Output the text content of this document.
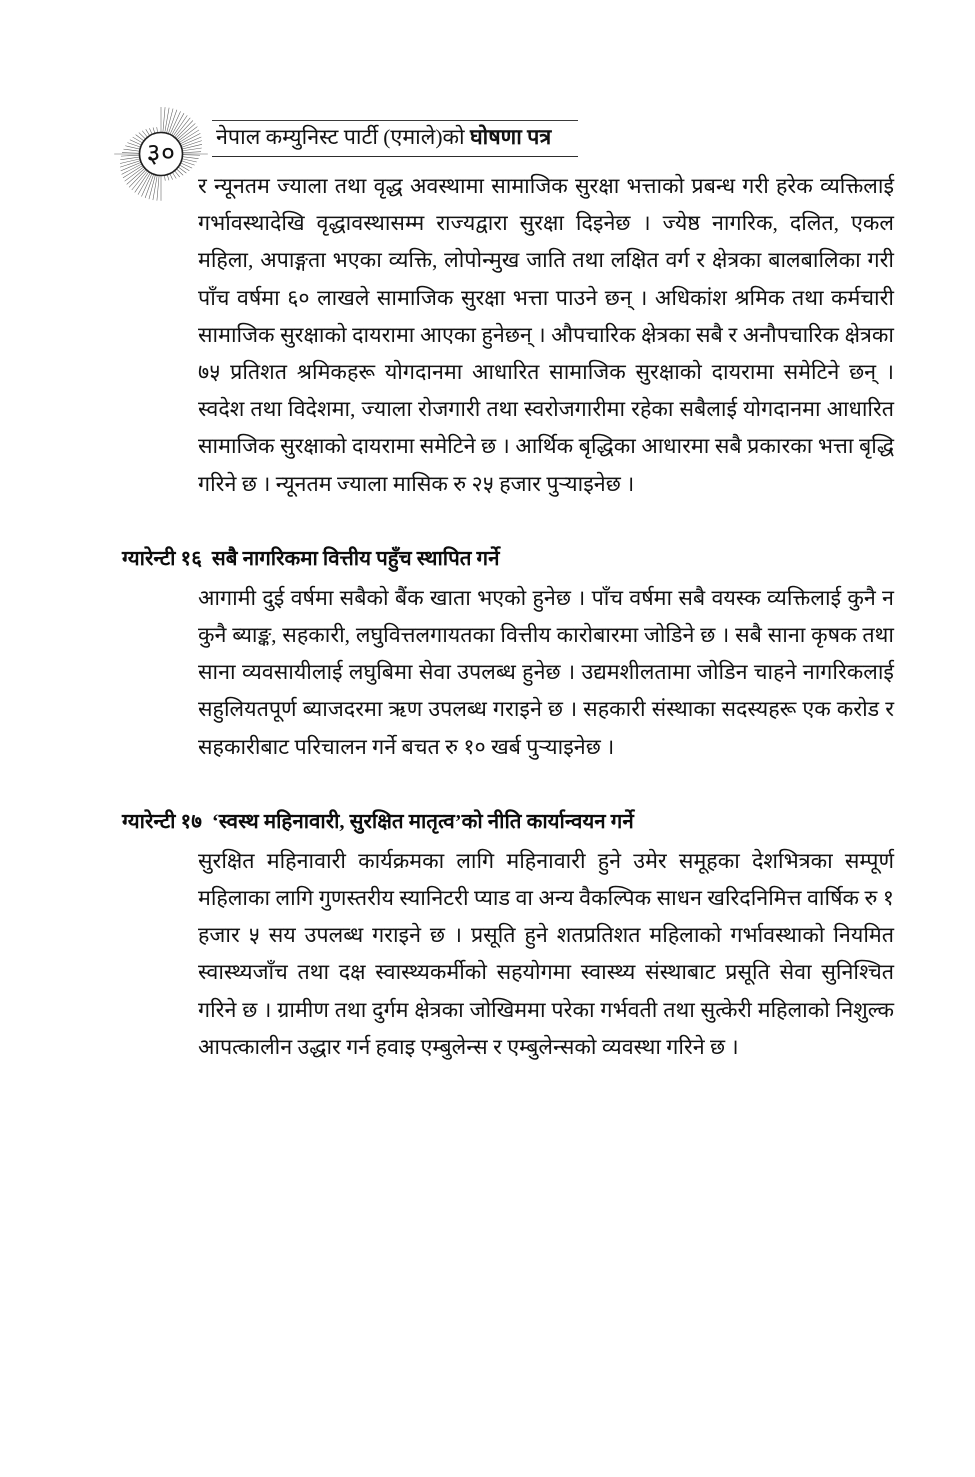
३०
नेपाल कम्युनिस्ट पार्टी (एमाले)को घोषणा पत्र

र न्यूनतम ज्याला तथा वृद्ध अवस्थामा सामाजिक सुरक्षा भत्ताको प्रबन्ध गरी हरेक व्यक्तिलाई गर्भावस्थादेखि वृद्धावस्थासम्म राज्यद्वारा सुरक्षा दिइनेछ । ज्येष्ठ नागरिक, दलित, एकल महिला, अपाङ्गता भएका व्यक्ति, लोपोन्मुख जाति तथा लक्षित वर्ग र क्षेत्रका बालबालिका गरी पाँच वर्षमा ६० लाखले सामाजिक सुरक्षा भत्ता पाउने छन् । अधिकांश श्रमिक तथा कर्मचारी सामाजिक सुरक्षाको दायरामा आएका हुनेछन् । औपचारिक क्षेत्रका सबै र अनौपचारिक क्षेत्रका ७५ प्रतिशत श्रमिकहरू योगदानमा आधारित सामाजिक सुरक्षाको दायरामा समेटिने छन् । स्वदेश तथा विदेशमा, ज्याला रोजगारी तथा स्वरोजगारीमा रहेका सबैलाई योगदानमा आधारित सामाजिक सुरक्षाको दायरामा समेटिने छ । आर्थिक बृद्धिका आधारमा सबै प्रकारका भत्ता बृद्धि गरिने छ । न्यूनतम ज्याला मासिक रु २५ हजार पुऱ्याइनेछ ।

ग्यारेन्टी १६ सबै नागरिकमा वित्तीय पहुँच स्थापित गर्ने

आगामी दुई वर्षमा सबैको बैंक खाता भएको हुनेछ । पाँच वर्षमा सबै वयस्क व्यक्तिलाई कुनै न कुनै ब्याङ्क, सहकारी, लघुवित्तलगायतका वित्तीय कारोबारमा जोडिने छ । सबै साना कृषक तथा साना व्यवसायीलाई लघुबिमा सेवा उपलब्ध हुनेछ । उद्यमशीलतामा जोडिन चाहने नागरिकलाई सहुलियतपूर्ण ब्याजदरमा ऋण उपलब्ध गराइने छ । सहकारी संस्थाका सदस्यहरू एक करोड र सहकारीबाट परिचालन गर्ने बचत रु १० खर्ब पुऱ्याइनेछ ।

ग्यारेन्टी १७ ‘स्वस्थ महिनावारी, सुरक्षित मातृत्व’को नीति कार्यान्वयन गर्ने

सुरक्षित महिनावारी कार्यक्रमका लागि महिनावारी हुने उमेर समूहका देशभित्रका सम्पूर्ण महिलाका लागि गुणस्तरीय स्यानिटरी प्याड वा अन्य वैकल्पिक साधन खरिदनिमित्त वार्षिक रु १ हजार ५ सय उपलब्ध गराइने छ । प्रसूति हुने शतप्रतिशत महिलाको गर्भावस्थाको नियमित स्वास्थ्यजाँच तथा दक्ष स्वास्थ्यकर्मीको सहयोगमा स्वास्थ्य संस्थाबाट प्रसूति सेवा सुनिश्चित गरिने छ । ग्रामीण तथा दुर्गम क्षेत्रका जोखिममा परेका गर्भवती तथा सुत्केरी महिलाको निशुल्क आपत्कालीन उद्धार गर्न हवाइ एम्बुलेन्स र एम्बुलेन्सको व्यवस्था गरिने छ ।
